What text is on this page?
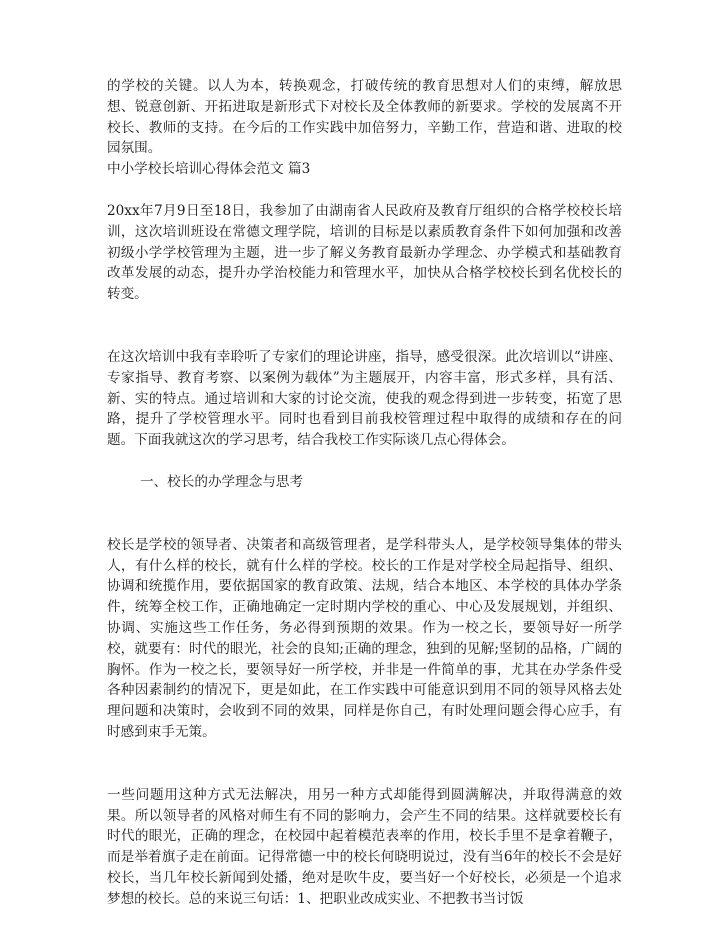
的学校的关键。以人为本，转换观念，打破传统的教育思想对人们的束缚，解放思想、锐意创新、开拓进取是新形式下对校长及全体教师的新要求。学校的发展离不开校长、教师的支持。在今后的工作实践中加倍努力，辛勤工作，营造和谐、进取的校园氛围。

中小学校长培训心得体会范文 篇3

20xx年7月9日至18日，我参加了由湖南省人民政府及教育厅组织的合格学校校长培训，这次培训班设在常德文理学院，培训的目标是以素质教育条件下如何加强和改善初级小学学校管理为主题，进一步了解义务教育最新办学理念、办学模式和基础教育改革发展的动态，提升办学治校能力和管理水平，加快从合格学校校长到名优校长的转变。

在这次培训中我有幸聆听了专家们的理论讲座，指导，感受很深。此次培训以“讲座、专家指导、教育考察、以案例为载体”为主题展开，内容丰富，形式多样，具有活、新、实的特点。通过培训和大家的讨论交流，使我的观念得到进一步转变，拓宽了思路，提升了学校管理水平。同时也看到目前我校管理过程中取得的成绩和存在的问题。下面我就这次的学习思考，结合我校工作实际谈几点心得体会。

一、校长的办学理念与思考

校长是学校的领导者、决策者和高级管理者，是学科带头人，是学校领导集体的带头人，有什么样的校长，就有什么样的学校。校长的工作是对学校全局起指导、组织、协调和统揽作用，要依据国家的教育政策、法规，结合本地区、本学校的具体办学条件，统筹全校工作，正确地确定一定时期内学校的重心、中心及发展规划，并组织、协调、实施这些工作任务，务必得到预期的效果。作为一校之长，要领导好一所学校，就要有：时代的眼光，社会的良知;正确的理念，独到的见解;坚韧的品格，广阔的胸怀。作为一校之长，要领导好一所学校，并非是一件简单的事，尤其在办学条件受各种因素制约的情况下，更是如此，在工作实践中可能意识到用不同的领导风格去处理问题和决策时，会收到不同的效果，同样是你自己，有时处理问题会得心应手，有时感到束手无策。

一些问题用这种方式无法解决，用另一种方式却能得到圆满解决，并取得满意的效果。所以领导者的风格对师生有不同的影响力，会产生不同的结果。这样就要校长有时代的眼光，正确的理念，在校园中起着模范表率的作用，校长手里不是拿着鞭子，而是举着旗子走在前面。记得常德一中的校长何晓明说过，没有当6年的校长不会是好校长，当几年校长新闻到处播，绝对是吹牛皮，要当好一个好校长，必须是一个追求梦想的校长。总的来说三句话：1、把职业改成实业、不把教书当讨饭
